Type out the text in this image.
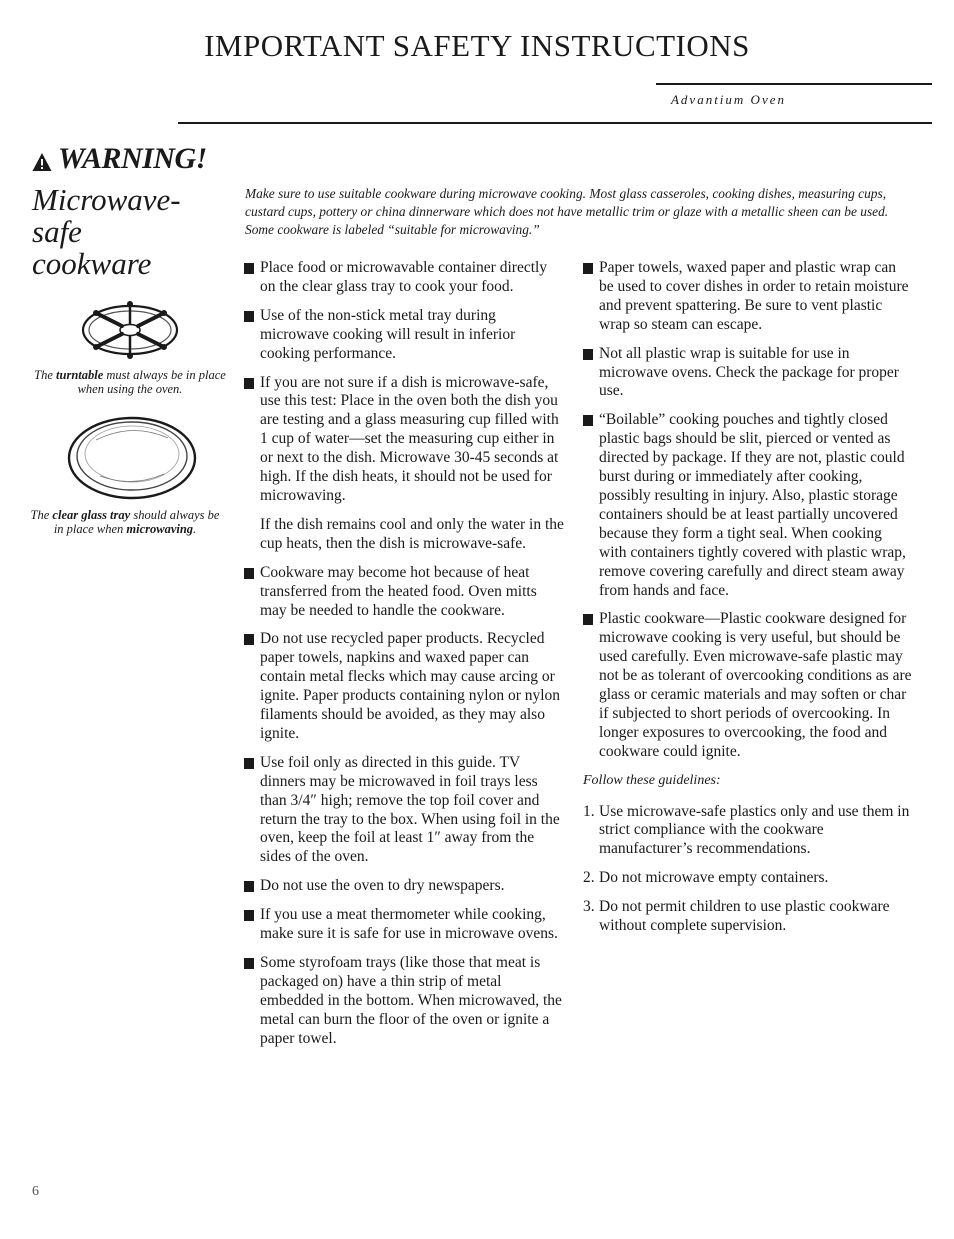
IMPORTANT SAFETY INSTRUCTIONS
Advantium Oven
WARNING!
Microwave-
safe
cookware
The turntable must always be in place when using the oven.
The clear glass tray should always be in place when microwaving.
Make sure to use suitable cookware during microwave cooking. Most glass casseroles, cooking dishes, measuring cups, custard cups, pottery or china dinnerware which does not have metallic trim or glaze with a metallic sheen can be used. Some cookware is labeled “suitable for microwaving.”
Place food or microwavable container directly on the clear glass tray to cook your food.
Use of the non-stick metal tray during microwave cooking will result in inferior cooking performance.
If you are not sure if a dish is microwave-safe, use this test: Place in the oven both the dish you are testing and a glass measuring cup filled with 1 cup of water—set the measuring cup either in or next to the dish. Microwave 30-45 seconds at high. If the dish heats, it should not be used for microwaving.
If the dish remains cool and only the water in the cup heats, then the dish is microwave-safe.
Cookware may become hot because of heat transferred from the heated food. Oven mitts may be needed to handle the cookware.
Do not use recycled paper products. Recycled paper towels, napkins and waxed paper can contain metal flecks which may cause arcing or ignite. Paper products containing nylon or nylon filaments should be avoided, as they may also ignite.
Use foil only as directed in this guide. TV dinners may be microwaved in foil trays less than 3/4″ high; remove the top foil cover and return the tray to the box. When using foil in the oven, keep the foil at least 1″ away from the sides of the oven.
Do not use the oven to dry newspapers.
If you use a meat thermometer while cooking, make sure it is safe for use in microwave ovens.
Some styrofoam trays (like those that meat is packaged on) have a thin strip of metal embedded in the bottom. When microwaved, the metal can burn the floor of the oven or ignite a paper towel.
Paper towels, waxed paper and plastic wrap can be used to cover dishes in order to retain moisture and prevent spattering. Be sure to vent plastic wrap so steam can escape.
Not all plastic wrap is suitable for use in microwave ovens. Check the package for proper use.
“Boilable” cooking pouches and tightly closed plastic bags should be slit, pierced or vented as directed by package. If they are not, plastic could burst during or immediately after cooking, possibly resulting in injury. Also, plastic storage containers should be at least partially uncovered because they form a tight seal. When cooking with containers tightly covered with plastic wrap, remove covering carefully and direct steam away from hands and face.
Plastic cookware—Plastic cookware designed for microwave cooking is very useful, but should be used carefully. Even microwave-safe plastic may not be as tolerant of overcooking conditions as are glass or ceramic materials and may soften or char if subjected to short periods of overcooking. In longer exposures to overcooking, the food and cookware could ignite.
Follow these guidelines:
1. Use microwave-safe plastics only and use them in strict compliance with the cookware manufacturer’s recommendations.
2. Do not microwave empty containers.
3. Do not permit children to use plastic cookware without complete supervision.
6
